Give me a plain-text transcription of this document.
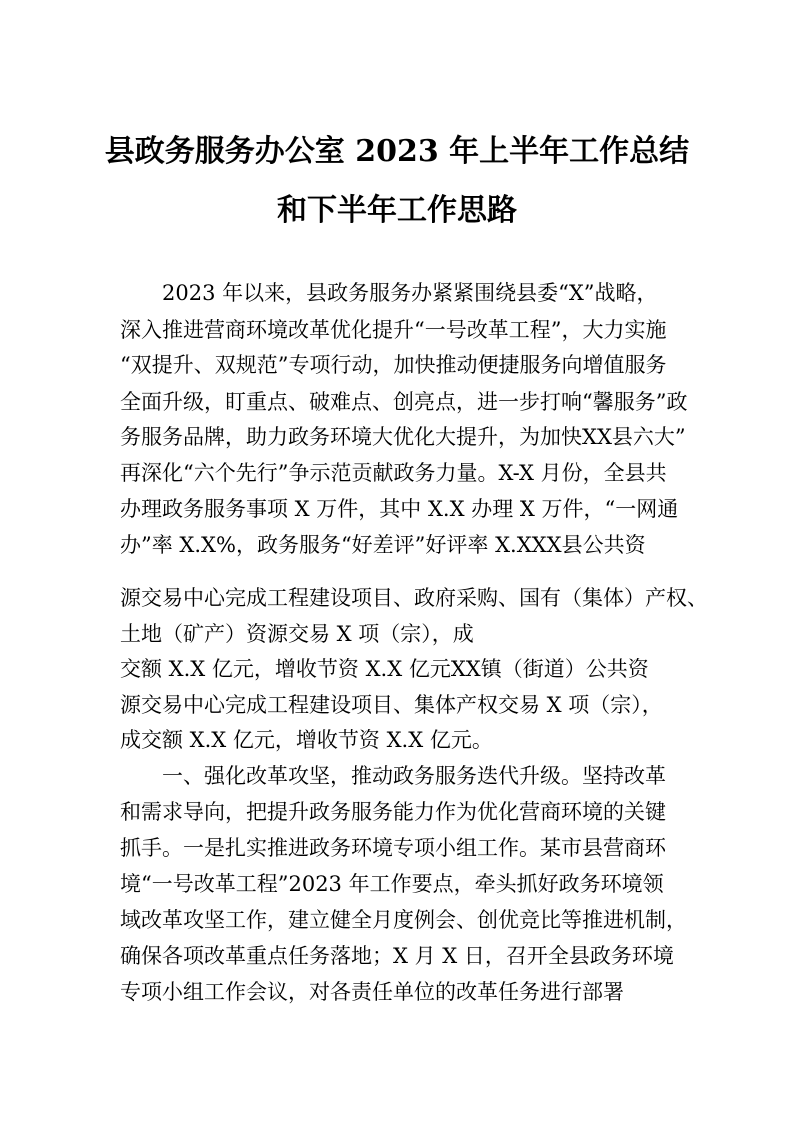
县政务服务办公室 2023 年上半年工作总结
和下半年工作思路
2023 年以来，县政务服务办紧紧围绕县委“X”战略，
深入推进营商环境改革优化提升“一号改革工程”，大力实施
“双提升、双规范”专项行动，加快推动便捷服务向增值服务
全面升级，盯重点、破难点、创亮点，进一步打响“馨服务”政
务服务品牌，助力政务环境大优化大提升，为加快XX县六大”
再深化“六个先行”争示范贡献政务力量。X-X 月份，全县共
办理政务服务事项 X 万件，其中 X.X 办理 X 万件，“一网通
办”率 X.X%，政务服务“好差评”好评率 X.XXX县公共资
源交易中心完成工程建设项目、政府采购、国有（集体）产权、
土地（矿产）资源交易 X 项（宗），成
交额 X.X 亿元，增收节资 X.X 亿元XX镇（街道）公共资
源交易中心完成工程建设项目、集体产权交易 X 项（宗），
成交额 X.X 亿元，增收节资 X.X 亿元。
一、强化改革攻坚，推动政务服务迭代升级。坚持改革
和需求导向，把提升政务服务能力作为优化营商环境的关键
抓手。一是扎实推进政务环境专项小组工作。某市县营商环
境“一号改革工程”2023 年工作要点，牵头抓好政务环境领
域改革攻坚工作，建立健全月度例会、创优竞比等推进机制，
确保各项改革重点任务落地；X 月 X 日，召开全县政务环境
专项小组工作会议，对各责任单位的改革任务进行部署
